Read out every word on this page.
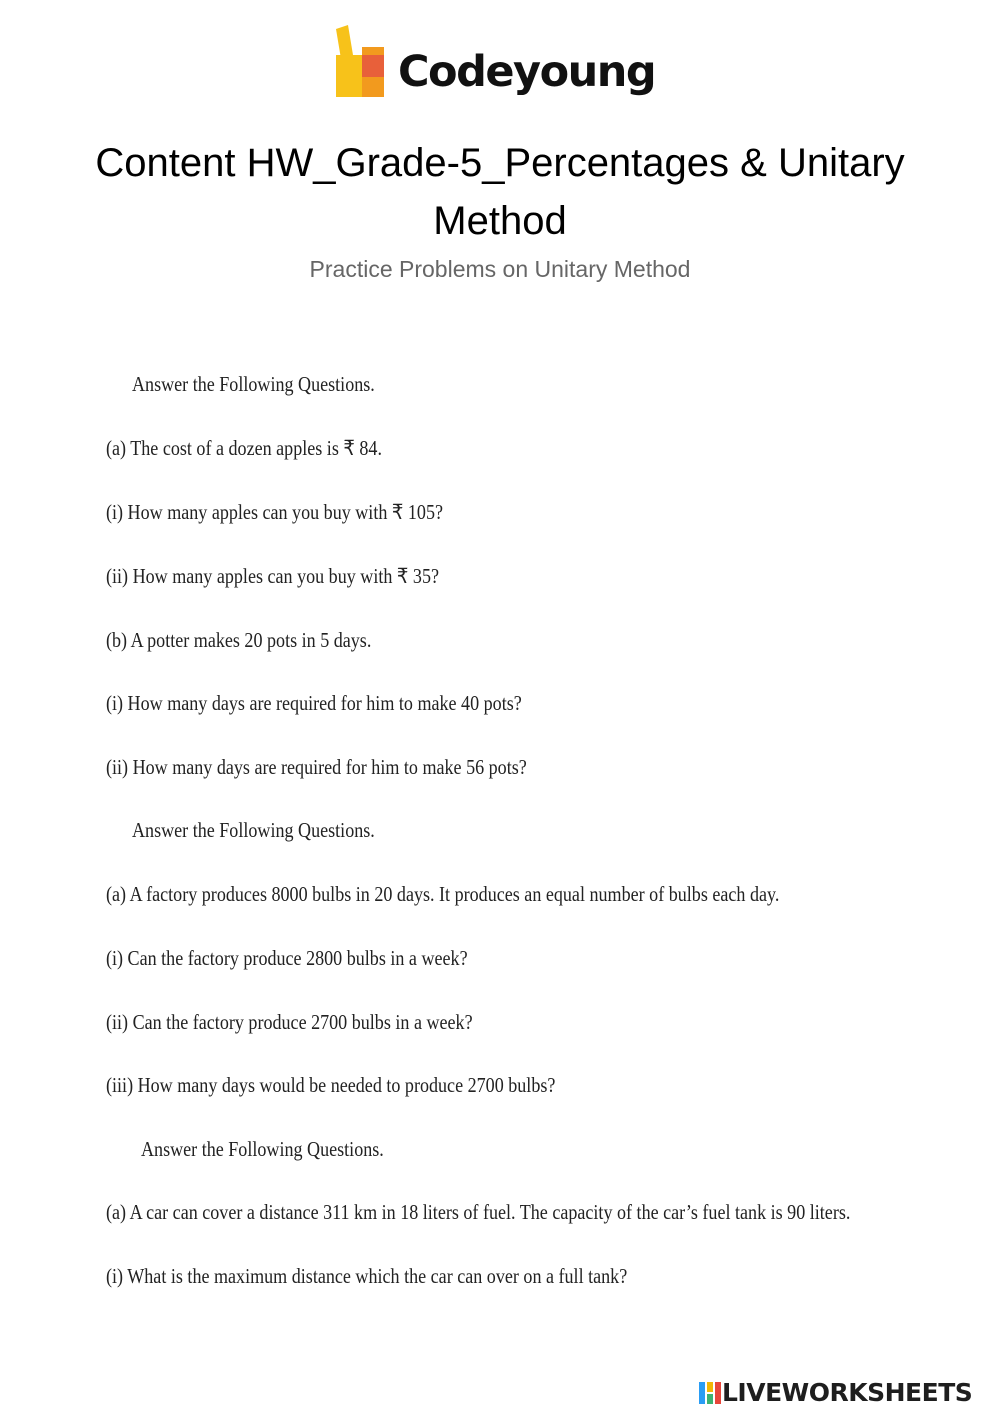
Codeyoung
Content HW_Grade-5_Percentages & Unitary Method
Practice Problems on Unitary Method
Answer the Following Questions.
(a) The cost of a dozen apples is ₹ 84.
(i) How many apples can you buy with ₹ 105?
(ii) How many apples can you buy with ₹ 35?
(b) A potter makes 20 pots in 5 days.
(i) How many days are required for him to make 40 pots?
(ii) How many days are required for him to make 56 pots?
Answer the Following Questions.
(a) A factory produces 8000 bulbs in 20 days. It produces an equal number of bulbs each day.
(i) Can the factory produce 2800 bulbs in a week?
(ii) Can the factory produce 2700 bulbs in a week?
(iii) How many days would be needed to produce 2700 bulbs?
Answer the Following Questions.
(a) A car can cover a distance 311 km in 18 liters of fuel. The capacity of the car’s fuel tank is 90 liters.
(i) What is the maximum distance which the car can over on a full tank?
LIVEWORKSHEETS
